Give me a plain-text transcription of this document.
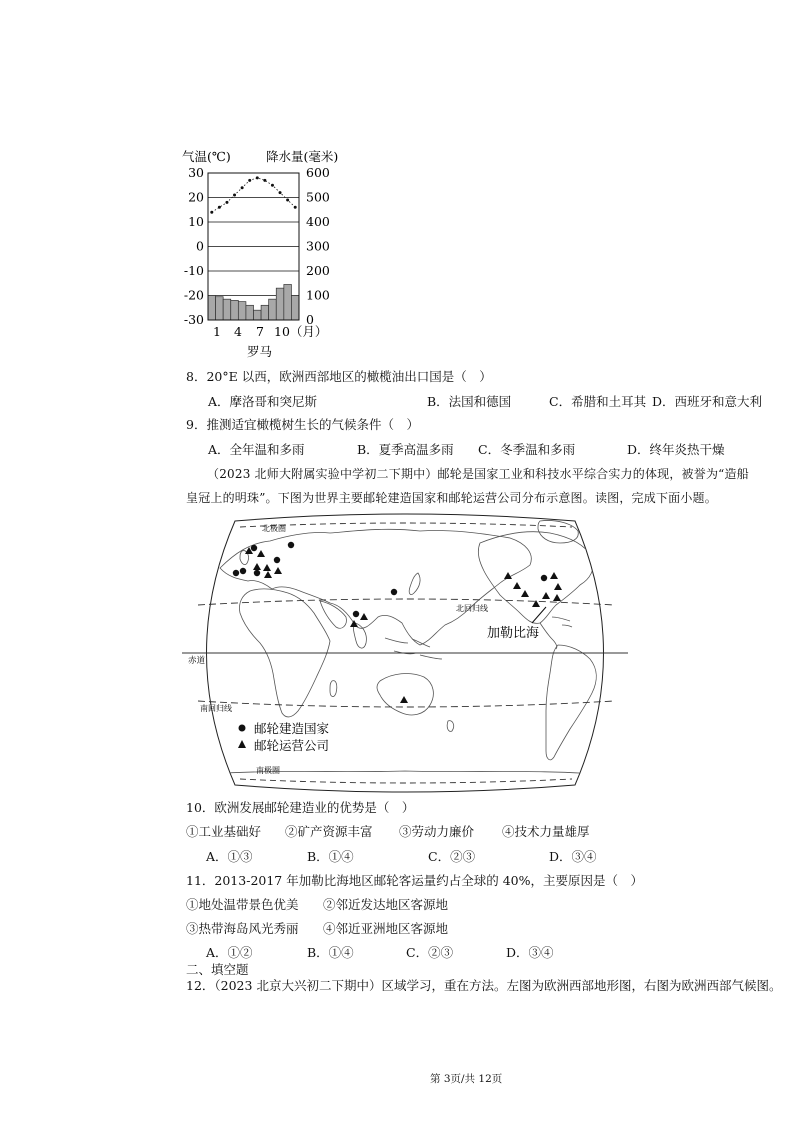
气温(℃)	降水量(毫米)
30
20
10
0
-10
-20
-30
600
500
400
300
200
100
0
1 4 7 10（月）
罗马
8．20°E 以西，欧洲西部地区的橄榄油出口国是（　）
A．摩洛哥和突尼斯	B．法国和德国	C．希腊和土耳其 D．西班牙和意大利
9．推测适宜橄榄树生长的气候条件（　）
A．全年温和多雨	B．夏季高温多雨 C．冬季温和多雨	D．终年炎热干燥
（2023 北师大附属实验中学初二下期中）邮轮是国家工业和科技水平综合实力的体现，被誉为“造船
皇冠上的明珠”。下图为世界主要邮轮建造国家和邮轮运营公司分布示意图。读图，完成下面小题。
北极圈
北回归线
赤道
南回归线
南极圈
加勒比海
邮轮建造国家
邮轮运营公司
10．欧洲发展邮轮建造业的优势是（　）
①工业基础好 ②矿产资源丰富 ③劳动力廉价 ④技术力量雄厚
A．①③	B．①④	C．②③	D．③④
11．2013-2017 年加勒比海地区邮轮客运量约占全球的 40%，主要原因是（　）
①地处温带景色优美 ②邻近发达地区客源地
③热带海岛风光秀丽 ④邻近亚洲地区客源地
A．①②	B．①④	C．②③	D．③④
二、填空题
12．（2023 北京大兴初二下期中）区域学习，重在方法。左图为欧洲西部地形图，右图为欧洲西部气候图。
第 3页/共 12页
